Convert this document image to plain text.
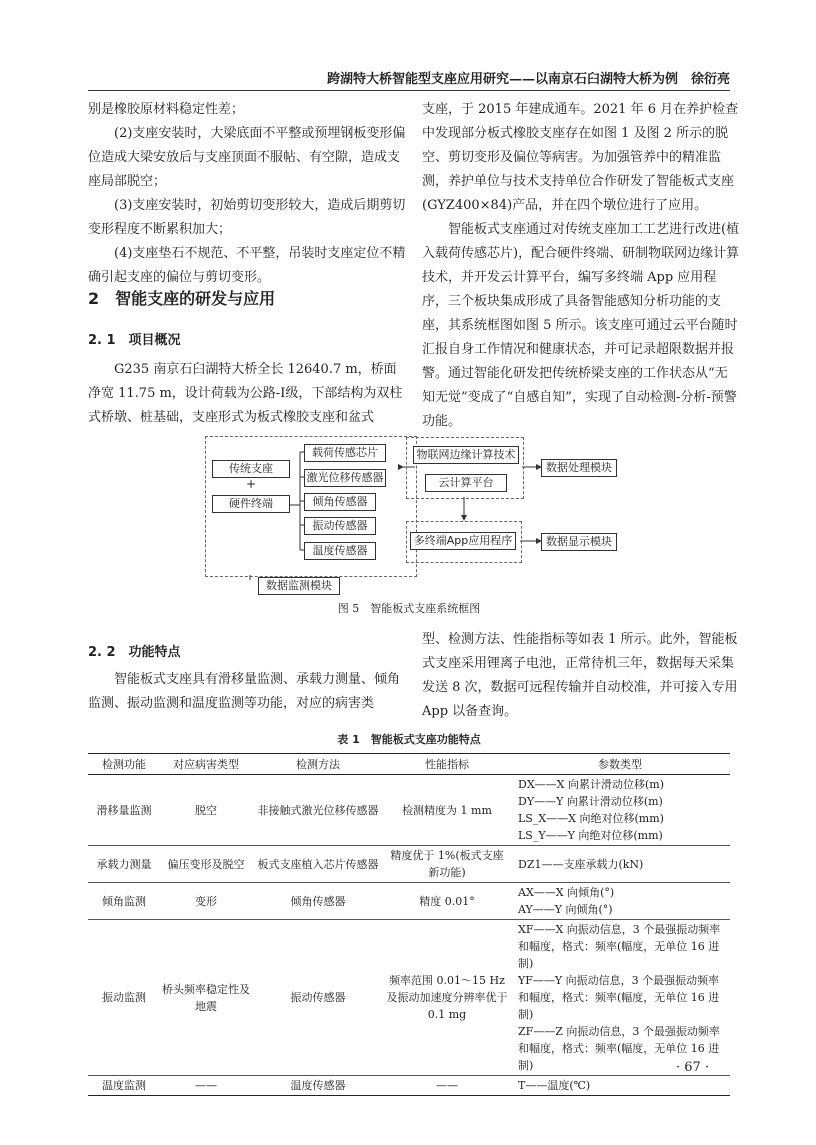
跨湖特大桥智能型支座应用研究——以南京石臼湖特大桥为例　徐衍亮

别是橡胶原材料稳定性差；

(2)支座安装时，大梁底面不平整或预埋钢板变形偏位造成大梁安放后与支座顶面不服帖、有空隙，造成支座局部脱空；

(3)支座安装时，初始剪切变形较大，造成后期剪切变形程度不断累积加大；

(4)支座垫石不规范、不平整，吊装时支座定位不精确引起支座的偏位与剪切变形。

2　智能支座的研发与应用
2. 1　项目概况

G235 南京石臼湖特大桥全长 12640.7 m，桥面净宽 11.75 m，设计荷载为公路-Ⅰ级，下部结构为双柱式桥墩、桩基础，支座形式为板式橡胶支座和盆式

支座，于 2015 年建成通车。2021 年 6 月在养护检查中发现部分板式橡胶支座存在如图 1 及图 2 所示的脱空、剪切变形及偏位等病害。为加强管养中的精准监测，养护单位与技术支持单位合作研发了智能板式支座(GYZ400×84)产品，并在四个墩位进行了应用。

智能板式支座通过对传统支座加工工艺进行改进(植入载荷传感芯片)，配合硬件终端、研制物联网边缘计算技术，并开发云计算平台，编写多终端 App 应用程序，三个板块集成形成了具备智能感知分析功能的支座，其系统框图如图 5 所示。该支座可通过云平台随时汇报自身工作情况和健康状态，并可记录超限数据并报警。通过智能化研发把传统桥梁支座的工作状态从“无知无觉”变成了“自感自知”，实现了自动检测-分析-预警功能。

传统支座
+
硬件终端
载荷传感芯片
激光位移传感器
倾角传感器
振动传感器
温度传感器
数据监测模块
物联网边缘计算技术
云计算平台
数据处理模块
多终端App应用程序	数据显示模块
图 5　智能板式支座系统框图
2. 2　功能特点

智能板式支座具有滑移量监测、承载力测量、倾角监测、振动监测和温度监测等功能，对应的病害类

型、检测方法、性能指标等如表 1 所示。此外，智能板式支座采用锂离子电池，正常待机三年，数据每天采集发送 8 次，数据可远程传输并自动校准，并可接入专用 App 以备查询。

表 1　智能板式支座功能特点
检测功能	对应病害类型	检测方法	性能指标	参数类型
滑移量监测	脱空	非接触式激光位移传感器	检测精度为 1 mm	DX——X 向累计滑动位移(m)
DY——Y 向累计滑动位移(m)
LS_X——X 向绝对位移(mm)
LS_Y——Y 向绝对位移(mm)

承载力测量	偏压变形及脱空	板式支座植入芯片传感器	精度优于 1%(板式支座新功能)	DZ1——支座承载力(kN)

倾角监测	变形	倾角传感器	精度 0.01°	AX——X 向倾角(°)
AY——Y 向倾角(°)

振动监测	桥头频率稳定性及地震	振动传感器	频率范围 0.01～15 Hz 及振动加速度分辨率优于 0.1 mg	XF——X 向振动信息，3 个最强振动频率和幅度，格式：频率(幅度，无单位 16 进制)
YF——Y 向振动信息，3 个最强振动频率和幅度，格式：频率(幅度，无单位 16 进制)
ZF——Z 向振动信息，3 个最强振动频率和幅度，格式：频率(幅度，无单位 16 进制)

温度监测	——	温度传感器	——	T——温度(℃)
· 67 ·
